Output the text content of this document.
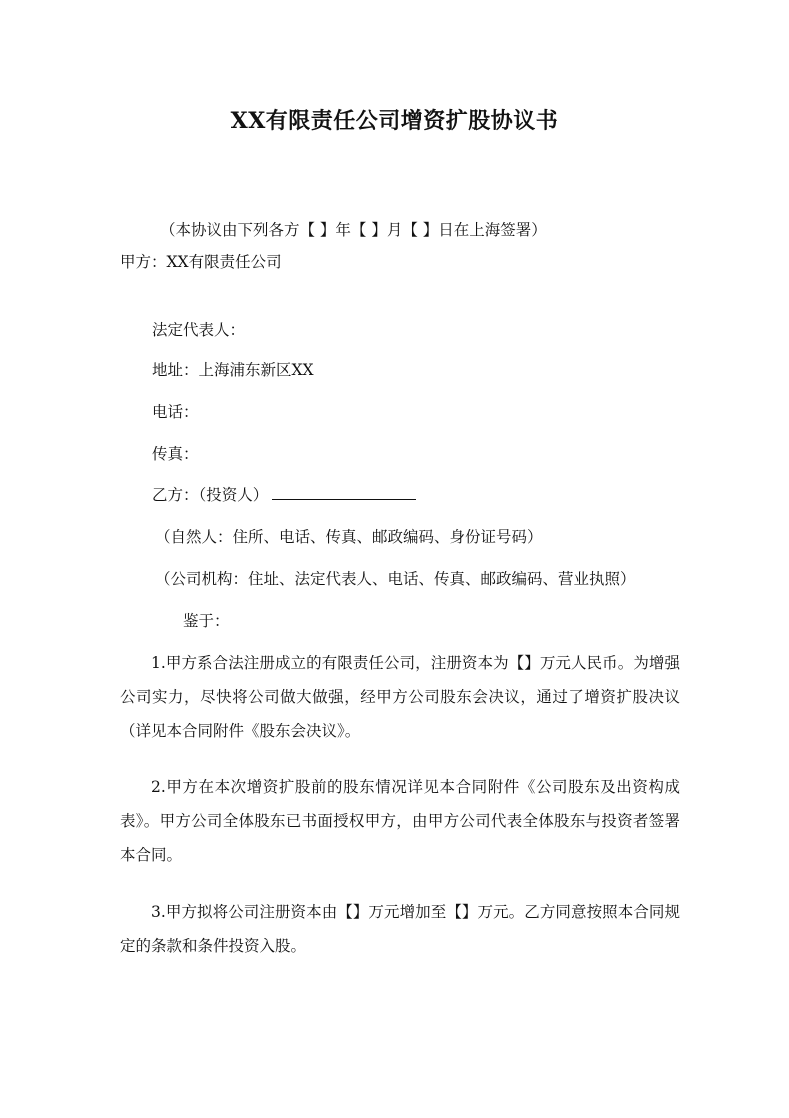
XX有限责任公司增资扩股协议书

（本协议由下列各方【 】年【 】月【 】日在上海签署）

甲方：XX有限责任公司

法定代表人：

地址：上海浦东新区XX

电话：

传真：

乙方：（投资人）

（自然人：住所、电话、传真、邮政编码、身份证号码）

（公司机构：住址、法定代表人、电话、传真、邮政编码、营业执照）

鉴于：

1.甲方系合法注册成立的有限责任公司，注册资本为【】万元人民币。为增强公司实力，尽快将公司做大做强，经甲方公司股东会决议，通过了增资扩股决议（详见本合同附件《股东会决议》。

2.甲方在本次增资扩股前的股东情况详见本合同附件《公司股东及出资构成表》。甲方公司全体股东已书面授权甲方，由甲方公司代表全体股东与投资者签署本合同。

3.甲方拟将公司注册资本由【】万元增加至【】万元。乙方同意按照本合同规定的条款和条件投资入股。
